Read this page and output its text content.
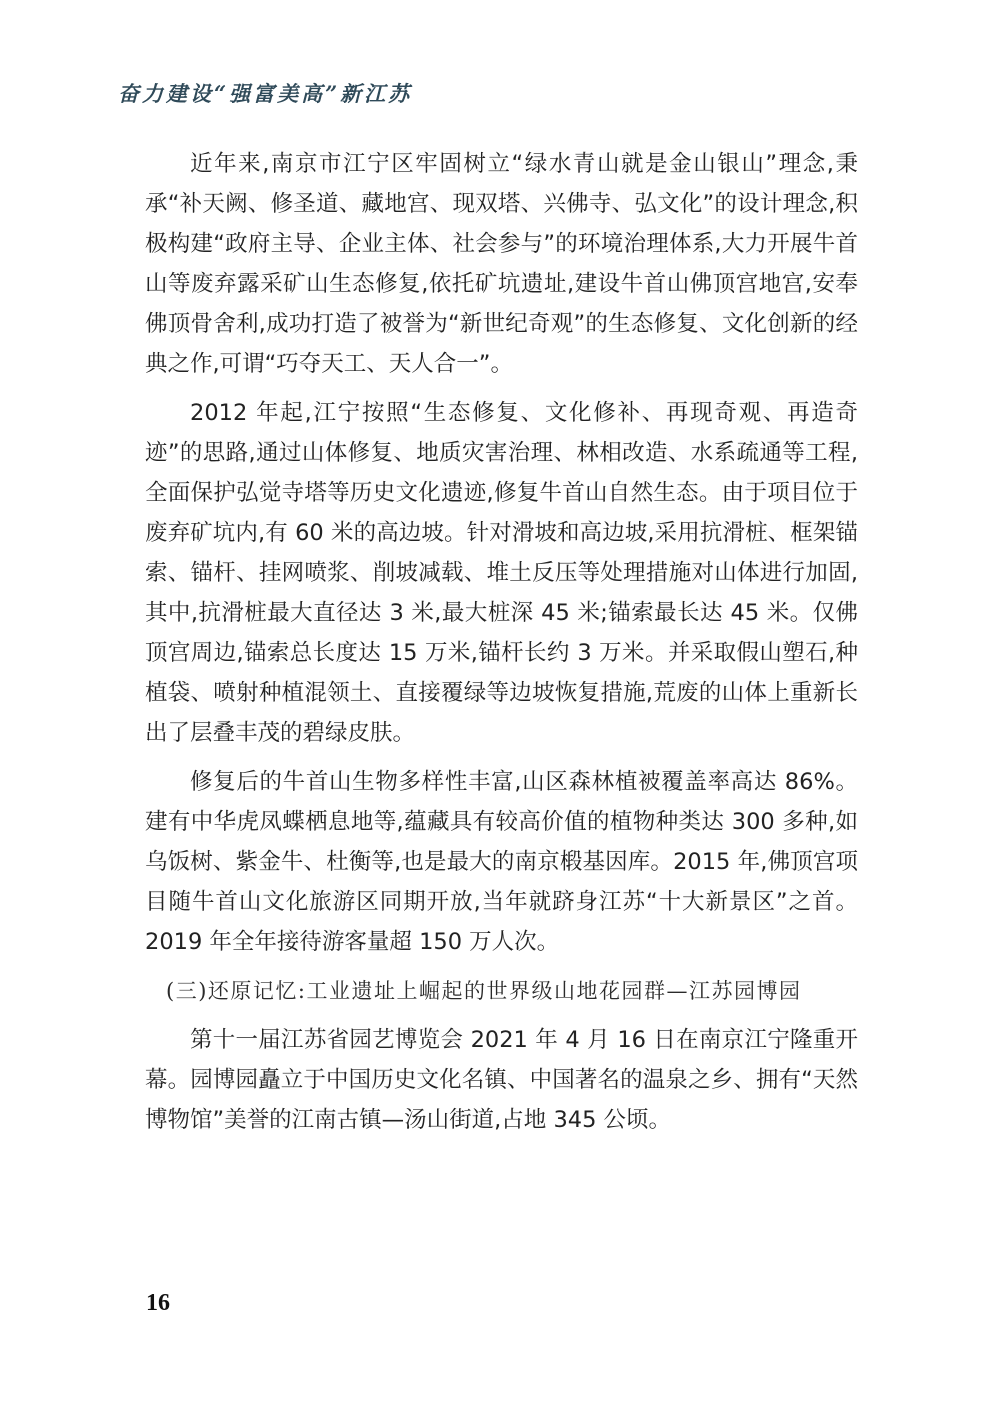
奋力建设“强富美高”新江苏

近年来,南京市江宁区牢固树立“绿水青山就是金山银山”理念,秉承“补天阙、修圣道、藏地宫、现双塔、兴佛寺、弘文化”的设计理念,积极构建“政府主导、企业主体、社会参与”的环境治理体系,大力开展牛首山等废弃露采矿山生态修复,依托矿坑遗址,建设牛首山佛顶宫地宫,安奉佛顶骨舍利,成功打造了被誉为“新世纪奇观”的生态修复、文化创新的经典之作,可谓“巧夺天工、天人合一”。

2012 年起,江宁按照“生态修复、文化修补、再现奇观、再造奇迹”的思路,通过山体修复、地质灾害治理、林相改造、水系疏通等工程,全面保护弘觉寺塔等历史文化遗迹,修复牛首山自然生态。由于项目位于废弃矿坑内,有 60 米的高边坡。针对滑坡和高边坡,采用抗滑桩、框架锚索、锚杆、挂网喷浆、削坡减载、堆土反压等处理措施对山体进行加固,其中,抗滑桩最大直径达 3 米,最大桩深 45 米;锚索最长达 45 米。仅佛顶宫周边,锚索总长度达 15 万米,锚杆长约 3 万米。并采取假山塑石,种植袋、喷射种植混领土、直接覆绿等边坡恢复措施,荒废的山体上重新长出了层叠丰茂的碧绿皮肤。

修复后的牛首山生物多样性丰富,山区森林植被覆盖率高达 86%。建有中华虎凤蝶栖息地等,蕴藏具有较高价值的植物种类达 300 多种,如乌饭树、紫金牛、杜衡等,也是最大的南京椴基因库。2015 年,佛顶宫项目随牛首山文化旅游区同期开放,当年就跻身江苏“十大新景区”之首。2019 年全年接待游客量超 150 万人次。

(三)还原记忆:工业遗址上崛起的世界级山地花园群—江苏园博园

第十一届江苏省园艺博览会 2021 年 4 月 16 日在南京江宁隆重开幕。园博园矗立于中国历史文化名镇、中国著名的温泉之乡、拥有“天然博物馆”美誉的江南古镇—汤山街道,占地 345 公顷。

16
